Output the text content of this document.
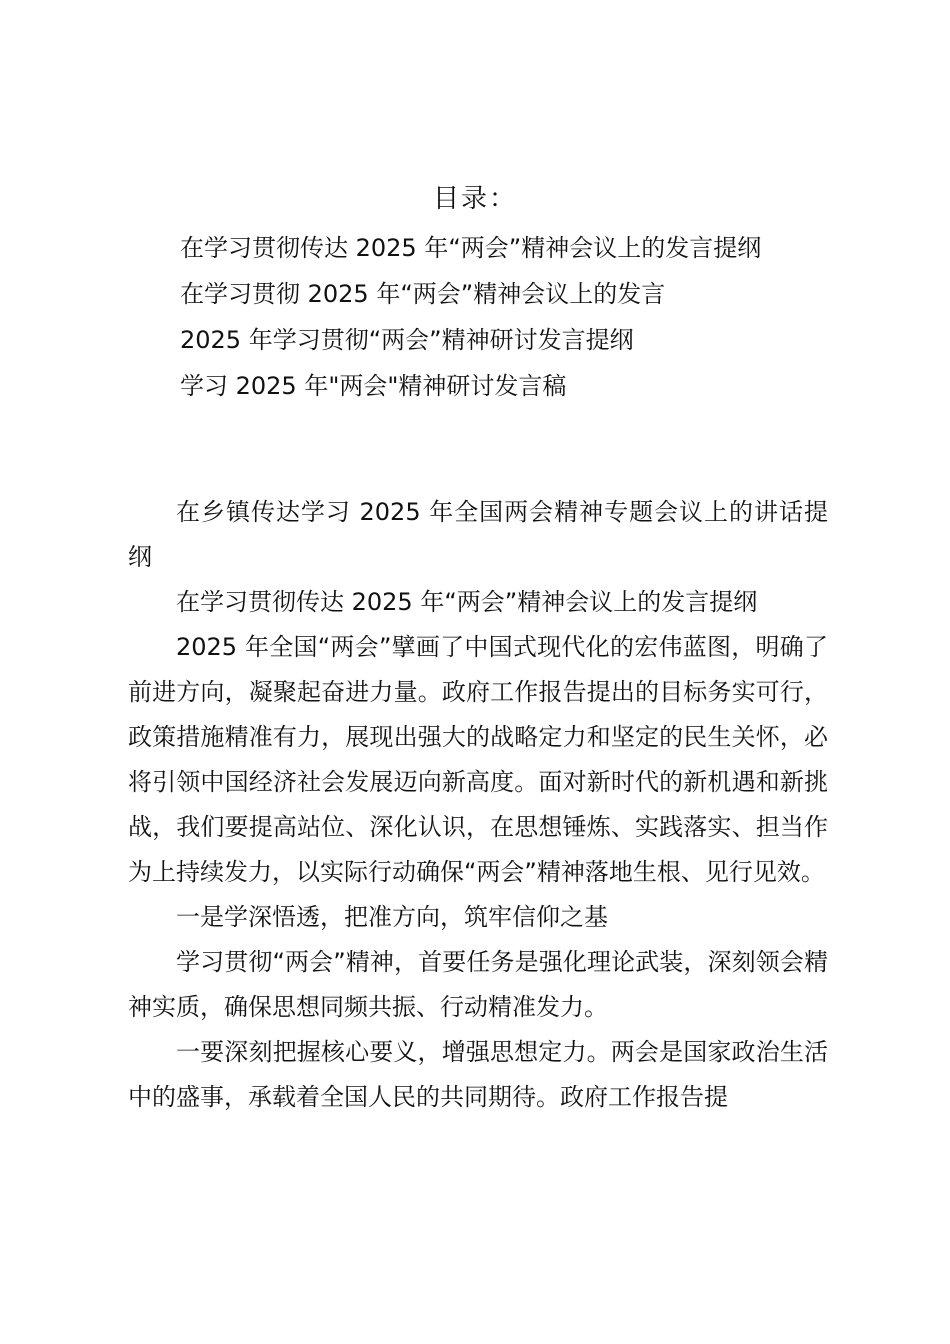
目录：
在学习贯彻传达 2025 年“两会”精神会议上的发言提纲
在学习贯彻 2025 年“两会”精神会议上的发言
2025 年学习贯彻“两会”精神研讨发言提纲
学习 2025 年"两会"精神研讨发言稿

在乡镇传达学习 2025 年全国两会精神专题会议上的讲话提纲

在学习贯彻传达 2025 年“两会”精神会议上的发言提纲

2025 年全国“两会”擘画了中国式现代化的宏伟蓝图，明确了前进方向，凝聚起奋进力量。政府工作报告提出的目标务实可行，政策措施精准有力，展现出强大的战略定力和坚定的民生关怀，必将引领中国经济社会发展迈向新高度。面对新时代的新机遇和新挑战，我们要提高站位、深化认识，在思想锤炼、实践落实、担当作为上持续发力，以实际行动确保“两会”精神落地生根、见行见效。

一是学深悟透，把准方向，筑牢信仰之基

学习贯彻“两会”精神，首要任务是强化理论武装，深刻领会精神实质，确保思想同频共振、行动精准发力。

一要深刻把握核心要义，增强思想定力。两会是国家政治生活中的盛事，承载着全国人民的共同期待。政府工作报告提
